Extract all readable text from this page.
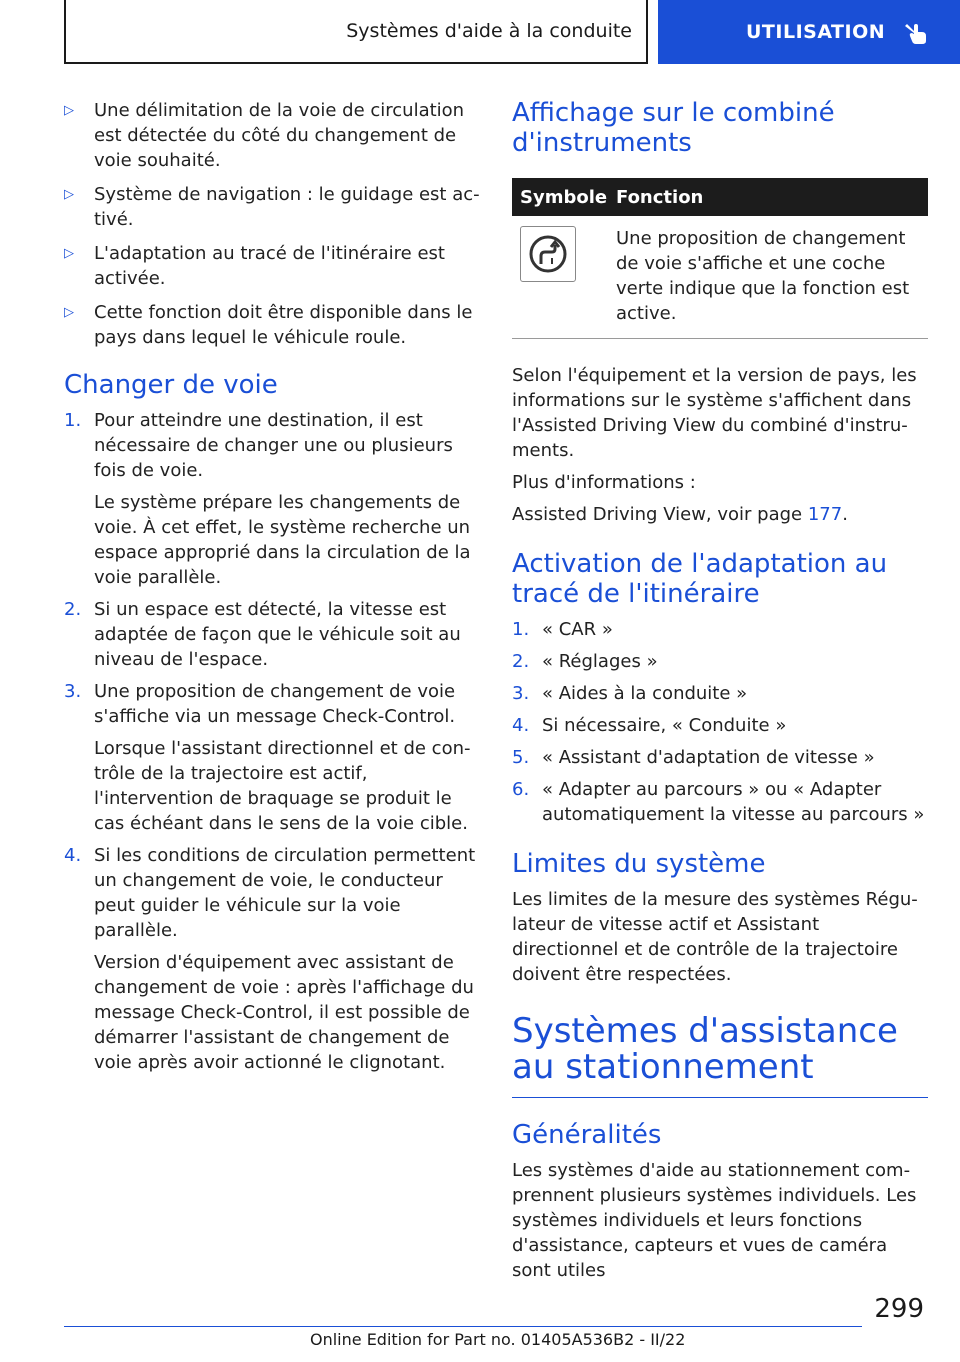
Systèmes d'aide à la conduite	UTILISATION
▷	Une délimitation de la voie de circulation est détectée du côté du changement de voie souhaité.

▷	Système de navigation : le guidage est activé.

▷	L'adaptation au tracé de l'itinéraire est activée.

▷	Cette fonction doit être disponible dans le pays dans lequel le véhicule roule.

Changer de voie
1. Pour atteindre une destination, il est nécessaire de changer une ou plusieurs fois de voie.

Le système prépare les changements de voie. À cet effet, le système recherche un espace approprié dans la circulation de la voie parallèle.

2. Si un espace est détecté, la vitesse est adaptée de façon que le véhicule soit au niveau de l'espace.

3. Une proposition de changement de voie s'affiche via un message Check-Control.

Lorsque l'assistant directionnel et de contrôle de la trajectoire est actif, l'intervention de braquage se produit le cas échéant dans le sens de la voie cible.

4. Si les conditions de circulation permettent un changement de voie, le conducteur peut guider le véhicule sur la voie parallèle.

Version d'équipement avec assistant de changement de voie : après l'affichage du message Check-Control, il est possible de démarrer l'assistant de changement de voie après avoir actionné le clignotant.

Affichage sur le combiné d'instruments
Symbole Fonction

Une proposition de changement de voie s'affiche et une coche verte indique que la fonction est active.

Selon l'équipement et la version de pays, les informations sur le système s'affichent dans l'Assisted Driving View du combiné d'instruments.

Plus d'informations :

Assisted Driving View, voir page 177.

Activation de l'adaptation au tracé de l'itinéraire
1. « CAR »

2. « Réglages »

3. « Aides à la conduite »

4. Si nécessaire, « Conduite »

5. « Assistant d'adaptation de vitesse »

6. « Adapter au parcours » ou « Adapter automatiquement la vitesse au parcours »

Limites du système

Les limites de la mesure des systèmes Régulateur de vitesse actif et Assistant directionnel et de contrôle de la trajectoire doivent être respectées.

Systèmes d'assistance au stationnement
Généralités

Les systèmes d'aide au stationnement comprennent plusieurs systèmes individuels. Les systèmes individuels et leurs fonctions d'assistance, capteurs et vues de caméra sont utiles

299
Online Edition for Part no. 01405A536B2 - II/22
